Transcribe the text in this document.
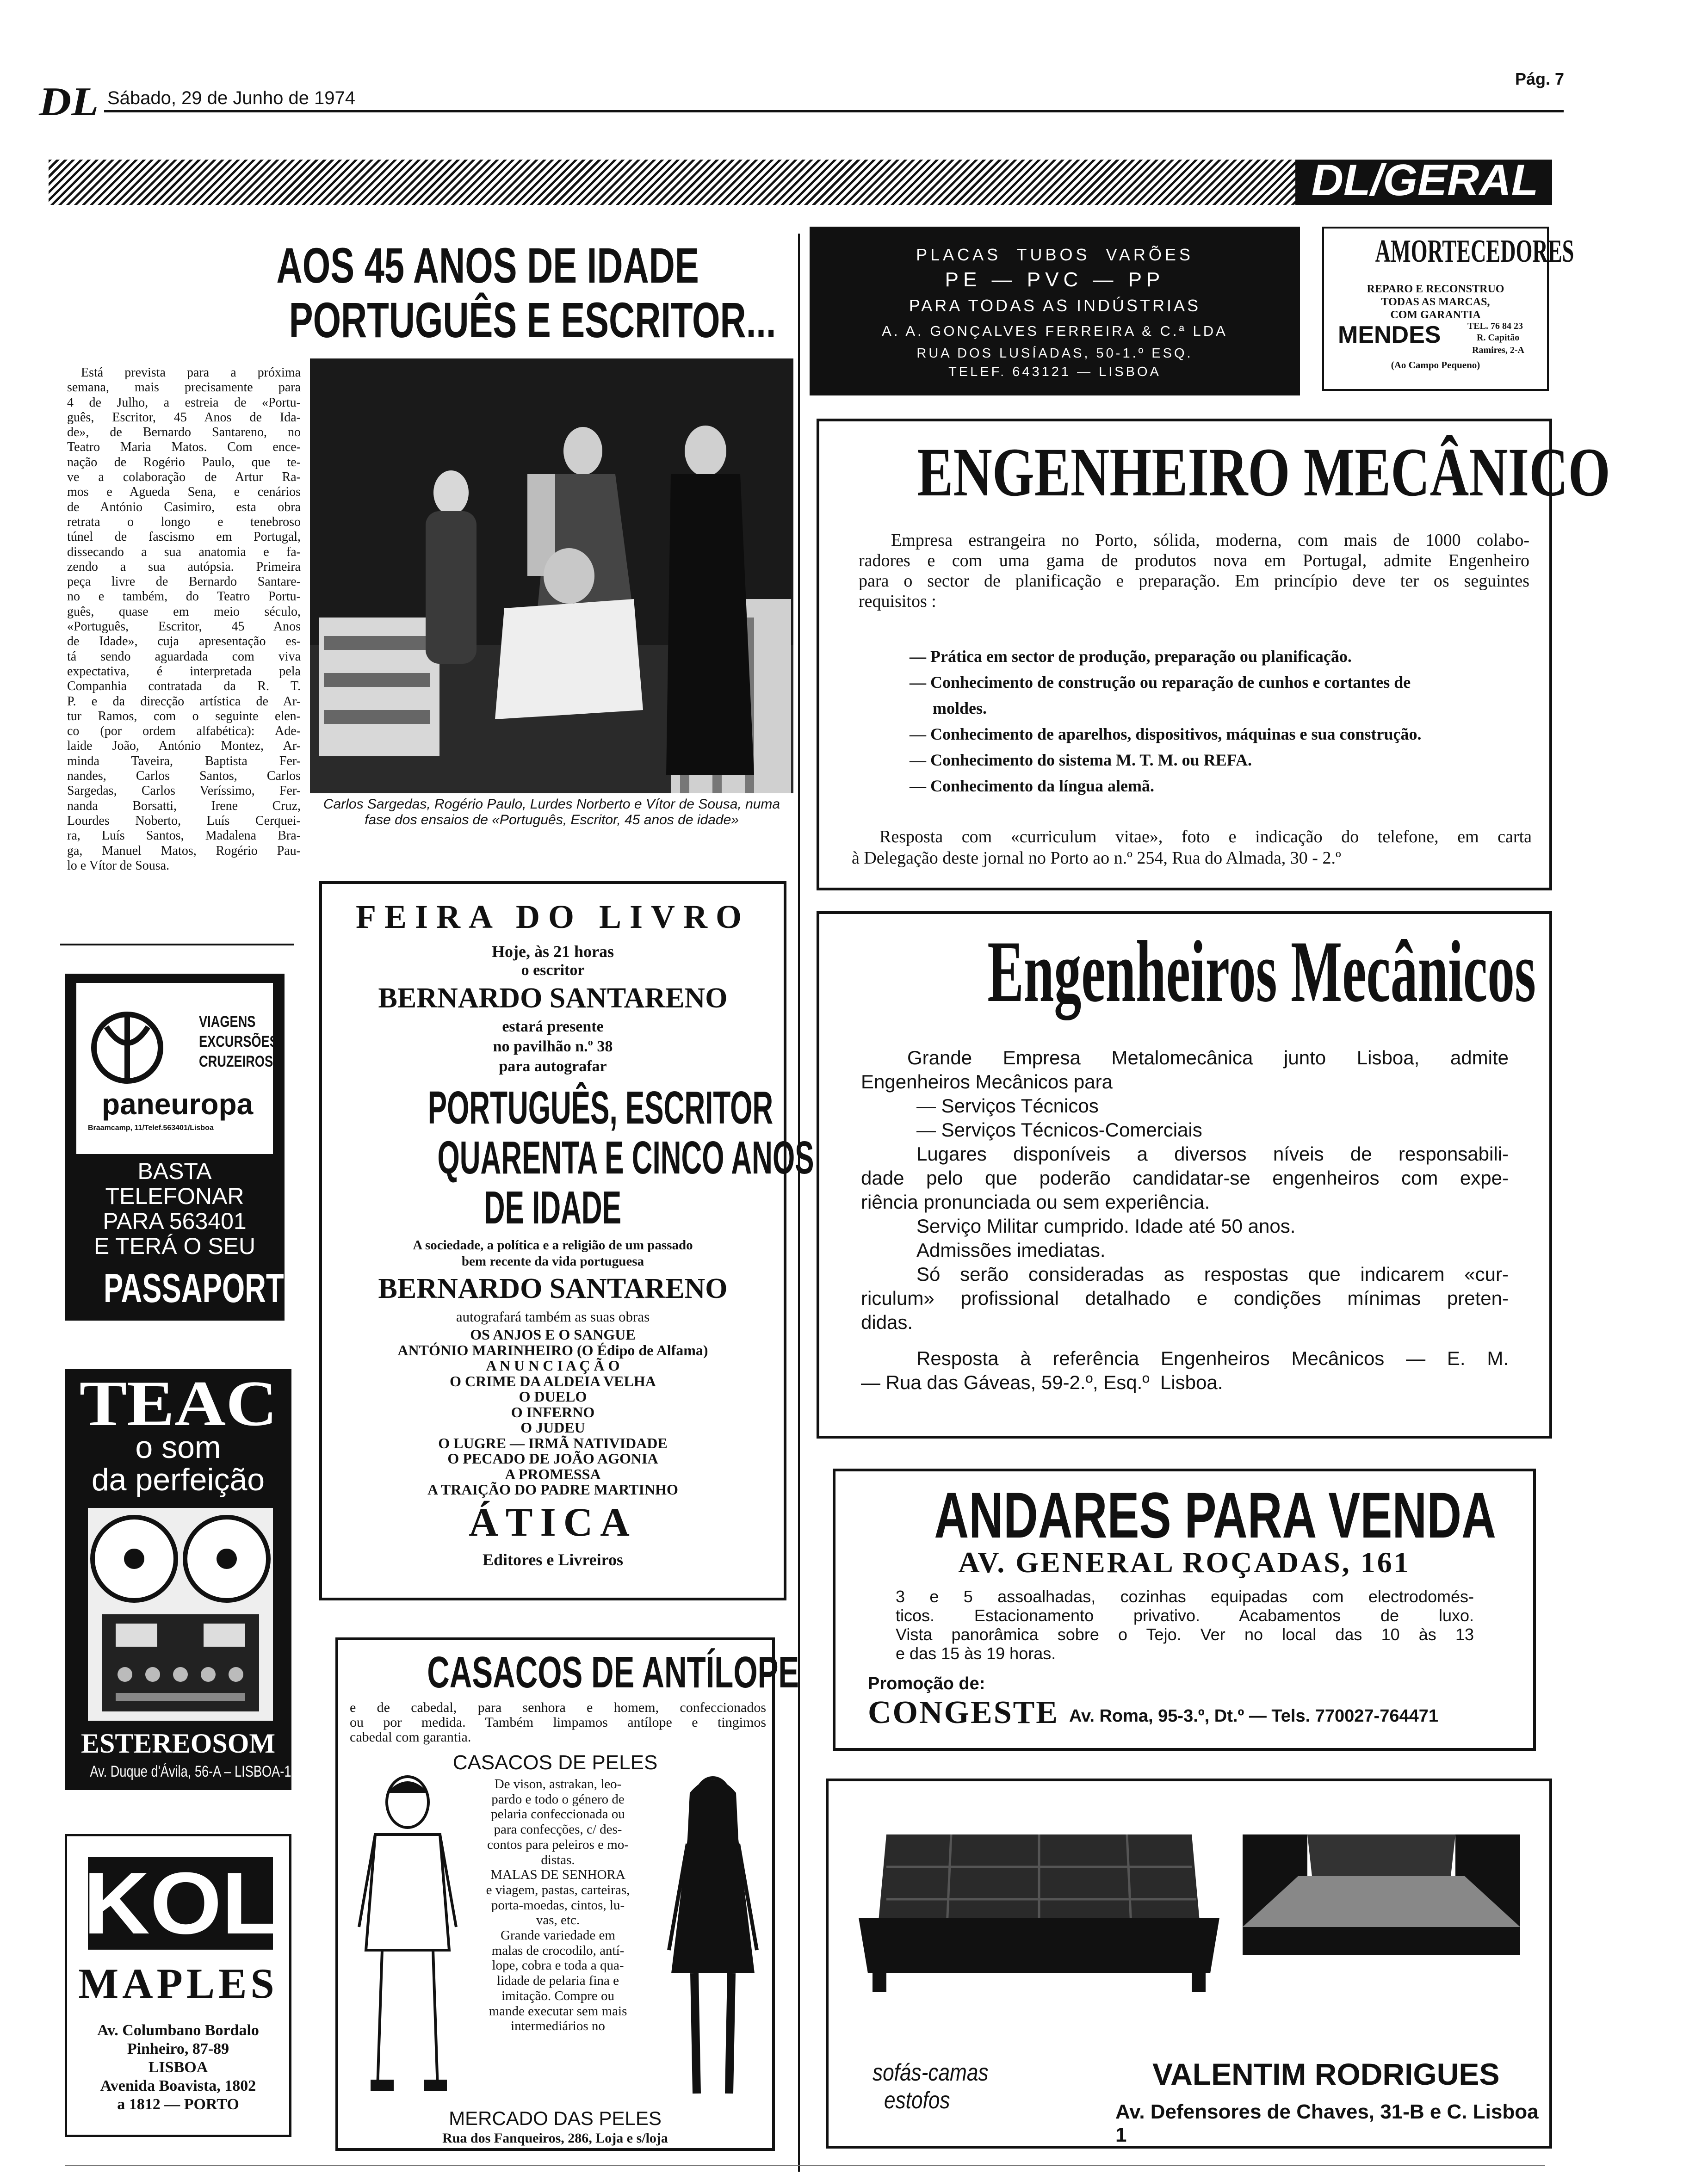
DL Sábado, 29 de Junho de 1974
Pág. 7
DL/GERAL
AOS 45 ANOS DE IDADE
PORTUGUÊS E ESCRITOR...
Está prevista para a próxima
semana, mais precisamente para
4 de Julho, a estreia de «Portu-
guês, Escritor, 45 Anos de Ida-
de», de Bernardo Santareno, no
Teatro Maria Matos. Com ence-
nação de Rogério Paulo, que te-
ve a colaboração de Artur Ra-
mos e Agueda Sena, e cenários
de António Casimiro, esta obra
retrata o longo e tenebroso
túnel de fascismo em Portugal,
dissecando a sua anatomia e fa-
zendo a sua autópsia. Primeira
peça livre de Bernardo Santare-
no e também, do Teatro Portu-
guês, quase em meio século,
«Português, Escritor, 45 Anos
de Idade», cuja apresentação es-
tá sendo aguardada com viva
expectativa, é interpretada pela
Companhia contratada da R. T.
P. e da direcção artística de Ar-
tur Ramos, com o seguinte elen-
co (por ordem alfabética): Ade-
laide João, António Montez, Ar-
minda Taveira, Baptista Fer-
nandes, Carlos Santos, Carlos
Sargedas, Carlos Veríssimo, Fer-
nanda Borsatti, Irene Cruz,
Lourdes Noberto, Luís Cerquei-
ra, Luís Santos, Madalena Bra-
ga, Manuel Matos, Rogério Pau-
lo e Vítor de Sousa.
Carlos Sargedas, Rogério Paulo, Lurdes Norberto e Vítor de Sousa, numa fase dos ensaios de «Português, Escritor, 45 anos de idade»
VIAGENS
EXCURSÕES
CRUZEIROS
paneuropa
Braamcamp, 11/Telef.563401/Lisboa
BASTA
TELEFONAR
PARA 563401
E TERÁ O SEU
PASSAPORTE
TEAC
o som
da perfeição
ESTEREOSOM
Av. Duque d'Ávila, 56-A – LISBOA-1
KOL
MAPLES
Av. Columbano Bordalo
Pinheiro, 87-89
LISBOA
Avenida Boavista, 1802
a 1812 — PORTO
FEIRA DO LIVRO
Hoje, às 21 horas
o escritor
BERNARDO SANTARENO
estará presente
no pavilhão n.º 38
para autografar
PORTUGUÊS, ESCRITOR
QUARENTA E CINCO ANOS
DE IDADE
A sociedade, a política e a religião de um passado
bem recente da vida portuguesa
BERNARDO SANTARENO
autografará também as suas obras
OS ANJOS E O SANGUE
ANTÓNIO MARINHEIRO (O Édipo de Alfama)
A N U N C I A Ç Ã O
O CRIME DA ALDEIA VELHA
O DUELO
O INFERNO
O JUDEU
O LUGRE — IRMÃ NATIVIDADE
O PECADO DE JOÃO AGONIA
A PROMESSA
A TRAIÇÃO DO PADRE MARTINHO
ÁTICA
Editores e Livreiros
CASACOS DE ANTÍLOPE
e de cabedal, para senhora e homem, confeccionados
ou por medida. Também limpamos antílope e tingimos
cabedal com garantia.
CASACOS DE PELES
De vison, astrakan, leo-
pardo e todo o género de
pelaria confeccionada ou
para confecções, c/ des-
contos para peleiros e mo-
distas.
MALAS DE SENHORA
e viagem, pastas, carteiras,
porta-moedas, cintos, lu-
vas, etc.
Grande variedade em
malas de crocodilo, antí-
lope, cobra e toda a qua-
lidade de pelaria fina e
imitação. Compre ou
mande executar sem mais
intermediários no
MERCADO DAS PELES
Rua dos Fanqueiros, 286, Loja e s/loja
PLACAS  TUBOS  VARÕES
PE — PVC — PP
PARA TODAS AS INDÚSTRIAS
A. A. GONÇALVES FERREIRA & C.ª LDA
RUA DOS LUSÍADAS, 50-1.º ESQ.
TELEF. 643121 — LISBOA
AMORTECEDORES
REPARO E RECONSTRUO
TODAS AS MARCAS,
COM GARANTIA
MENDES	TEL. 76 84 23
R. Capitão
Ramires, 2-A
(Ao Campo Pequeno)
ENGENHEIRO MECÂNICO
Empresa estrangeira no Porto, sólida, moderna, com mais de 1000 colabo-
radores e com uma gama de produtos nova em Portugal, admite Engenheiro
para o sector de planificação e preparação. Em princípio deve ter os seguintes
requisitos :
— Prática em sector de produção, preparação ou planificação.
— Conhecimento de construção ou reparação de cunhos e cortantes de
moldes.
— Conhecimento de aparelhos, dispositivos, máquinas e sua construção.
— Conhecimento do sistema M. T. M. ou REFA.
— Conhecimento da língua alemã.
Resposta com «curriculum vitae», foto e indicação do telefone, em carta
à Delegação deste jornal no Porto ao n.º 254, Rua do Almada, 30 - 2.º
Engenheiros Mecânicos
Grande Empresa Metalomecânica junto Lisboa, admite
Engenheiros Mecânicos para
— Serviços Técnicos
— Serviços Técnicos-Comerciais
Lugares disponíveis a diversos níveis de responsabili-
dade pelo que poderão candidatar-se engenheiros com expe-
riência pronunciada ou sem experiência.
Serviço Militar cumprido. Idade até 50 anos.
Admissões imediatas.
Só serão consideradas as respostas que indicarem «cur-
riculum» profissional detalhado e condições mínimas preten-
didas.
Resposta à referência Engenheiros Mecânicos — E. M.
— Rua das Gáveas, 59-2.º, Esq.º  Lisboa.
ANDARES PARA VENDA
AV. GENERAL ROÇADAS, 161
3 e 5 assoalhadas, cozinhas equipadas com electrodomés-
ticos. Estacionamento privativo. Acabamentos de luxo.
Vista panorâmica sobre o Tejo. Ver no local das 10 às 13
e das 15 às 19 horas.
Promoção de:
CONGESTE Av. Roma, 95-3.º, Dt.º — Tels. 770027-764471
sofás-camas
estofos
VALENTIM RODRIGUES
Av. Defensores de Chaves, 31-B e C. Lisboa 1
